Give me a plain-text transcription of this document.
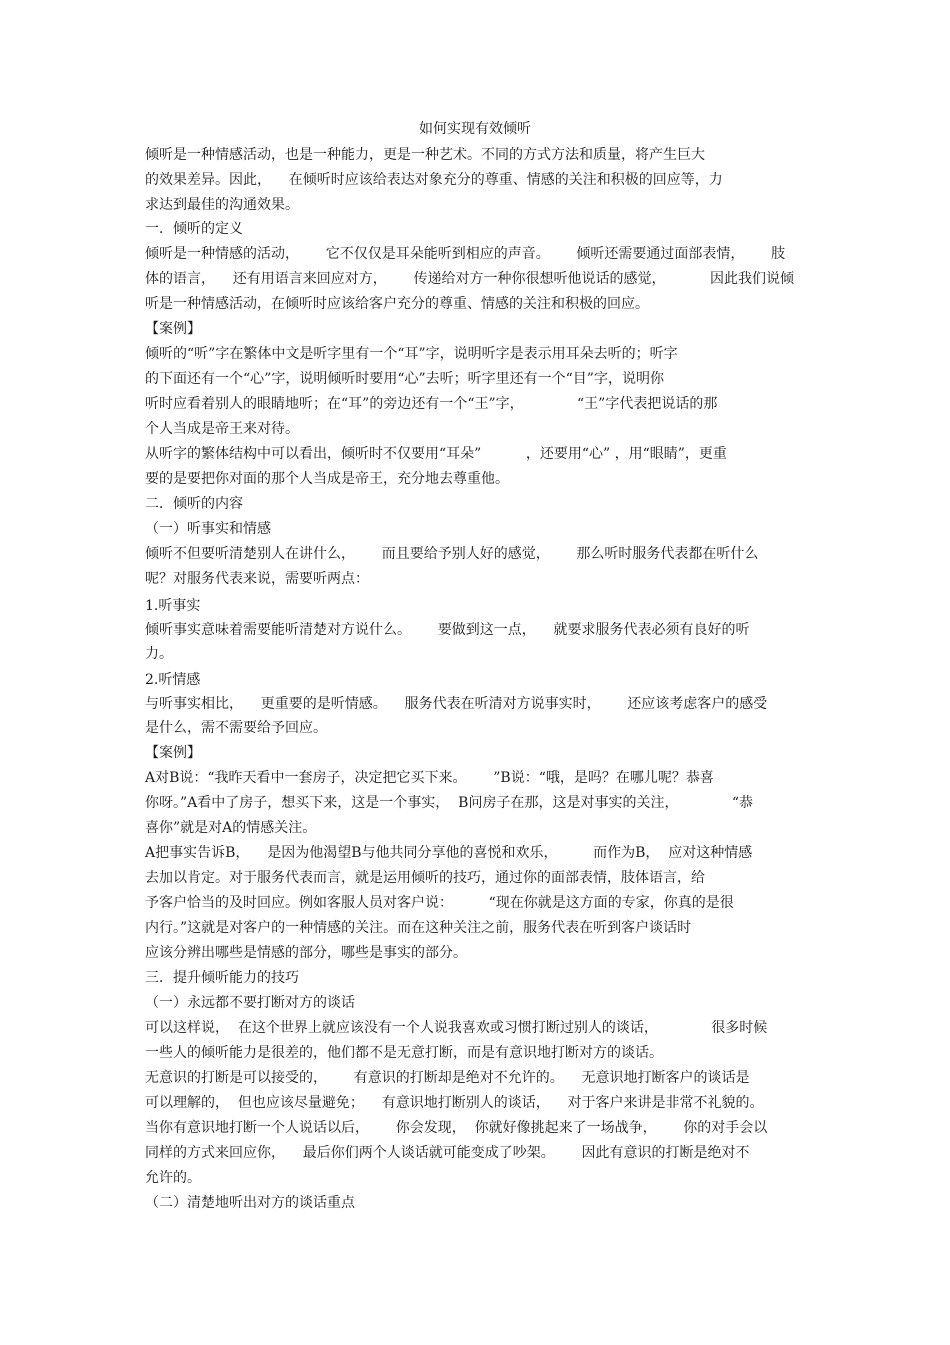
如何实现有效倾听
倾听是一种情感活动，也是一种能力，更是一种艺术。不同的方式方法和质量，将产生巨大
的效果差异。因此，    在倾听时应该给表达对象充分的尊重、情感的关注和积极的回应等，力
求达到最佳的沟通效果。
一．倾听的定义
倾听是一种情感的活动，      它不仅仅是耳朵能听到相应的声音。      倾听还需要通过面部表情，      肢
体的语言，    还有用语言来回应对方，      传递给对方一种你很想听他说话的感觉，          因此我们说倾
听是一种情感活动，在倾听时应该给客户充分的尊重、情感的关注和积极的回应。
【案例】
倾听的“听”字在繁体中文是听字里有一个“耳”字，说明听字是表示用耳朵去听的；听字
的下面还有一个“心”字，说明倾听时要用“心”去听；听字里还有一个“目”字，说明你
听时应看着别人的眼睛地听；在“耳”的旁边还有一个“王”字，            “王”字代表把说话的那
个人当成是帝王来对待。
从听字的繁体结构中可以看出，倾听时不仅要用“耳朵”          ，还要用“心” ，用“眼睛”，更重
要的是要把你对面的那个人当成是帝王，充分地去尊重他。
二．倾听的内容
（一）听事实和情感
倾听不但要听清楚别人在讲什么，      而且要给予别人好的感觉，      那么听时服务代表都在听什么
呢？对服务代表来说，需要听两点：
1.听事实
倾听事实意味着需要能听清楚对方说什么。      要做到这一点，    就要求服务代表必须有良好的听
力。
2.听情感
与听事实相比，    更重要的是听情感。    服务代表在听清对方说事实时，      还应该考虑客户的感受
是什么，需不需要给予回应。
【案例】
A对B说：“我昨天看中一套房子，决定把它买下来。      ”B说：“哦，是吗？在哪儿呢？恭喜
你呀。”A看中了房子，想买下来，这是一个事实，  B问房子在那，这是对事实的关注，            “恭
喜你”就是对A的情感关注。
A把事实告诉B，    是因为他渴望B与他共同分享他的喜悦和欢乐，        而作为B，  应对这种情感
去加以肯定。对于服务代表而言，就是运用倾听的技巧，通过你的面部表情，肢体语言，给
予客户恰当的及时回应。例如客服人员对客户说：        “现在你就是这方面的专家，你真的是很
内行。”这就是对客户的一种情感的关注。而在这种关注之前，服务代表在听到客户谈话时
应该分辨出哪些是情感的部分，哪些是事实的部分。
三．提升倾听能力的技巧
（一）永远都不要打断对方的谈话
可以这样说，  在这个世界上就应该没有一个人说我喜欢或习惯打断过别人的谈话，            很多时候
一些人的倾听能力是很差的，他们都不是无意打断，而是有意识地打断对方的谈话。
无意识的打断是可以接受的，      有意识的打断却是绝对不允许的。    无意识地打断客户的谈话是
可以理解的，  但也应该尽量避免；    有意识地打断别人的谈话，    对于客户来讲是非常不礼貌的。
当你有意识地打断一个人说话以后，      你会发现，  你就好像挑起来了一场战争，      你的对手会以
同样的方式来回应你，    最后你们两个人谈话就可能变成了吵架。      因此有意识的打断是绝对不
允许的。
（二）清楚地听出对方的谈话重点
